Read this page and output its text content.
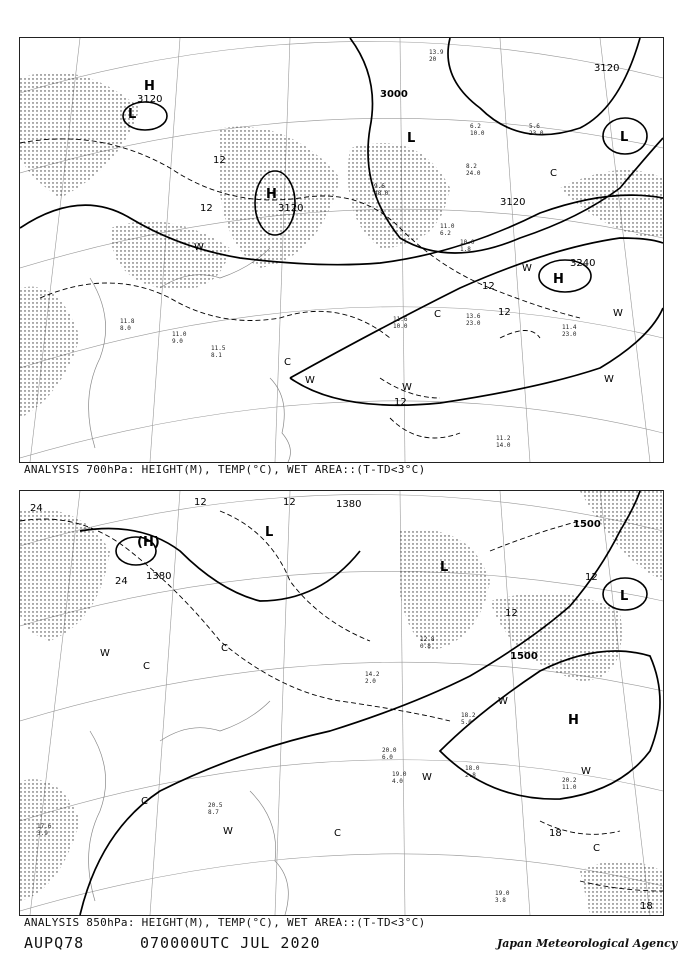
H
3120
L
H
3120
L	L
H
3240
3000
3120
3120
12
12
12
12
12
W
W
W
W
W
W
C
C
C
13.6
23.0
11.6
10.0	11.4
23.0
11.2
14.0
10.0
1.8
11.0
6.2
9.6
48.0
13.9
20
5.6
23.0
6.2
10.0
8.2
24.0
11.8
8.0
11.5
8.1
11.0
9.0
ANALYSIS 700hPa: HEIGHT(M), TEMP(°C), WET AREA::(T-TD<3°C)
(H)
1380
L
L
H
L
1380
1500
1500
24
24
12
12
12
18
18
12
W
W
W
W
W
C
C
C
C
C
20.0
6.0
19.0
4.0
18.0
2.8
20.2
11.0
19.0
3.8
20.5
8.7
18.2
5.0
17.6
3.9
12.8
0.8
14.2
2.0
ANALYSIS 850hPa: HEIGHT(M), TEMP(°C), WET AREA::(T-TD<3°C)
AUPQ78	070000UTC JUL 2020	Japan Meteorological Agency
